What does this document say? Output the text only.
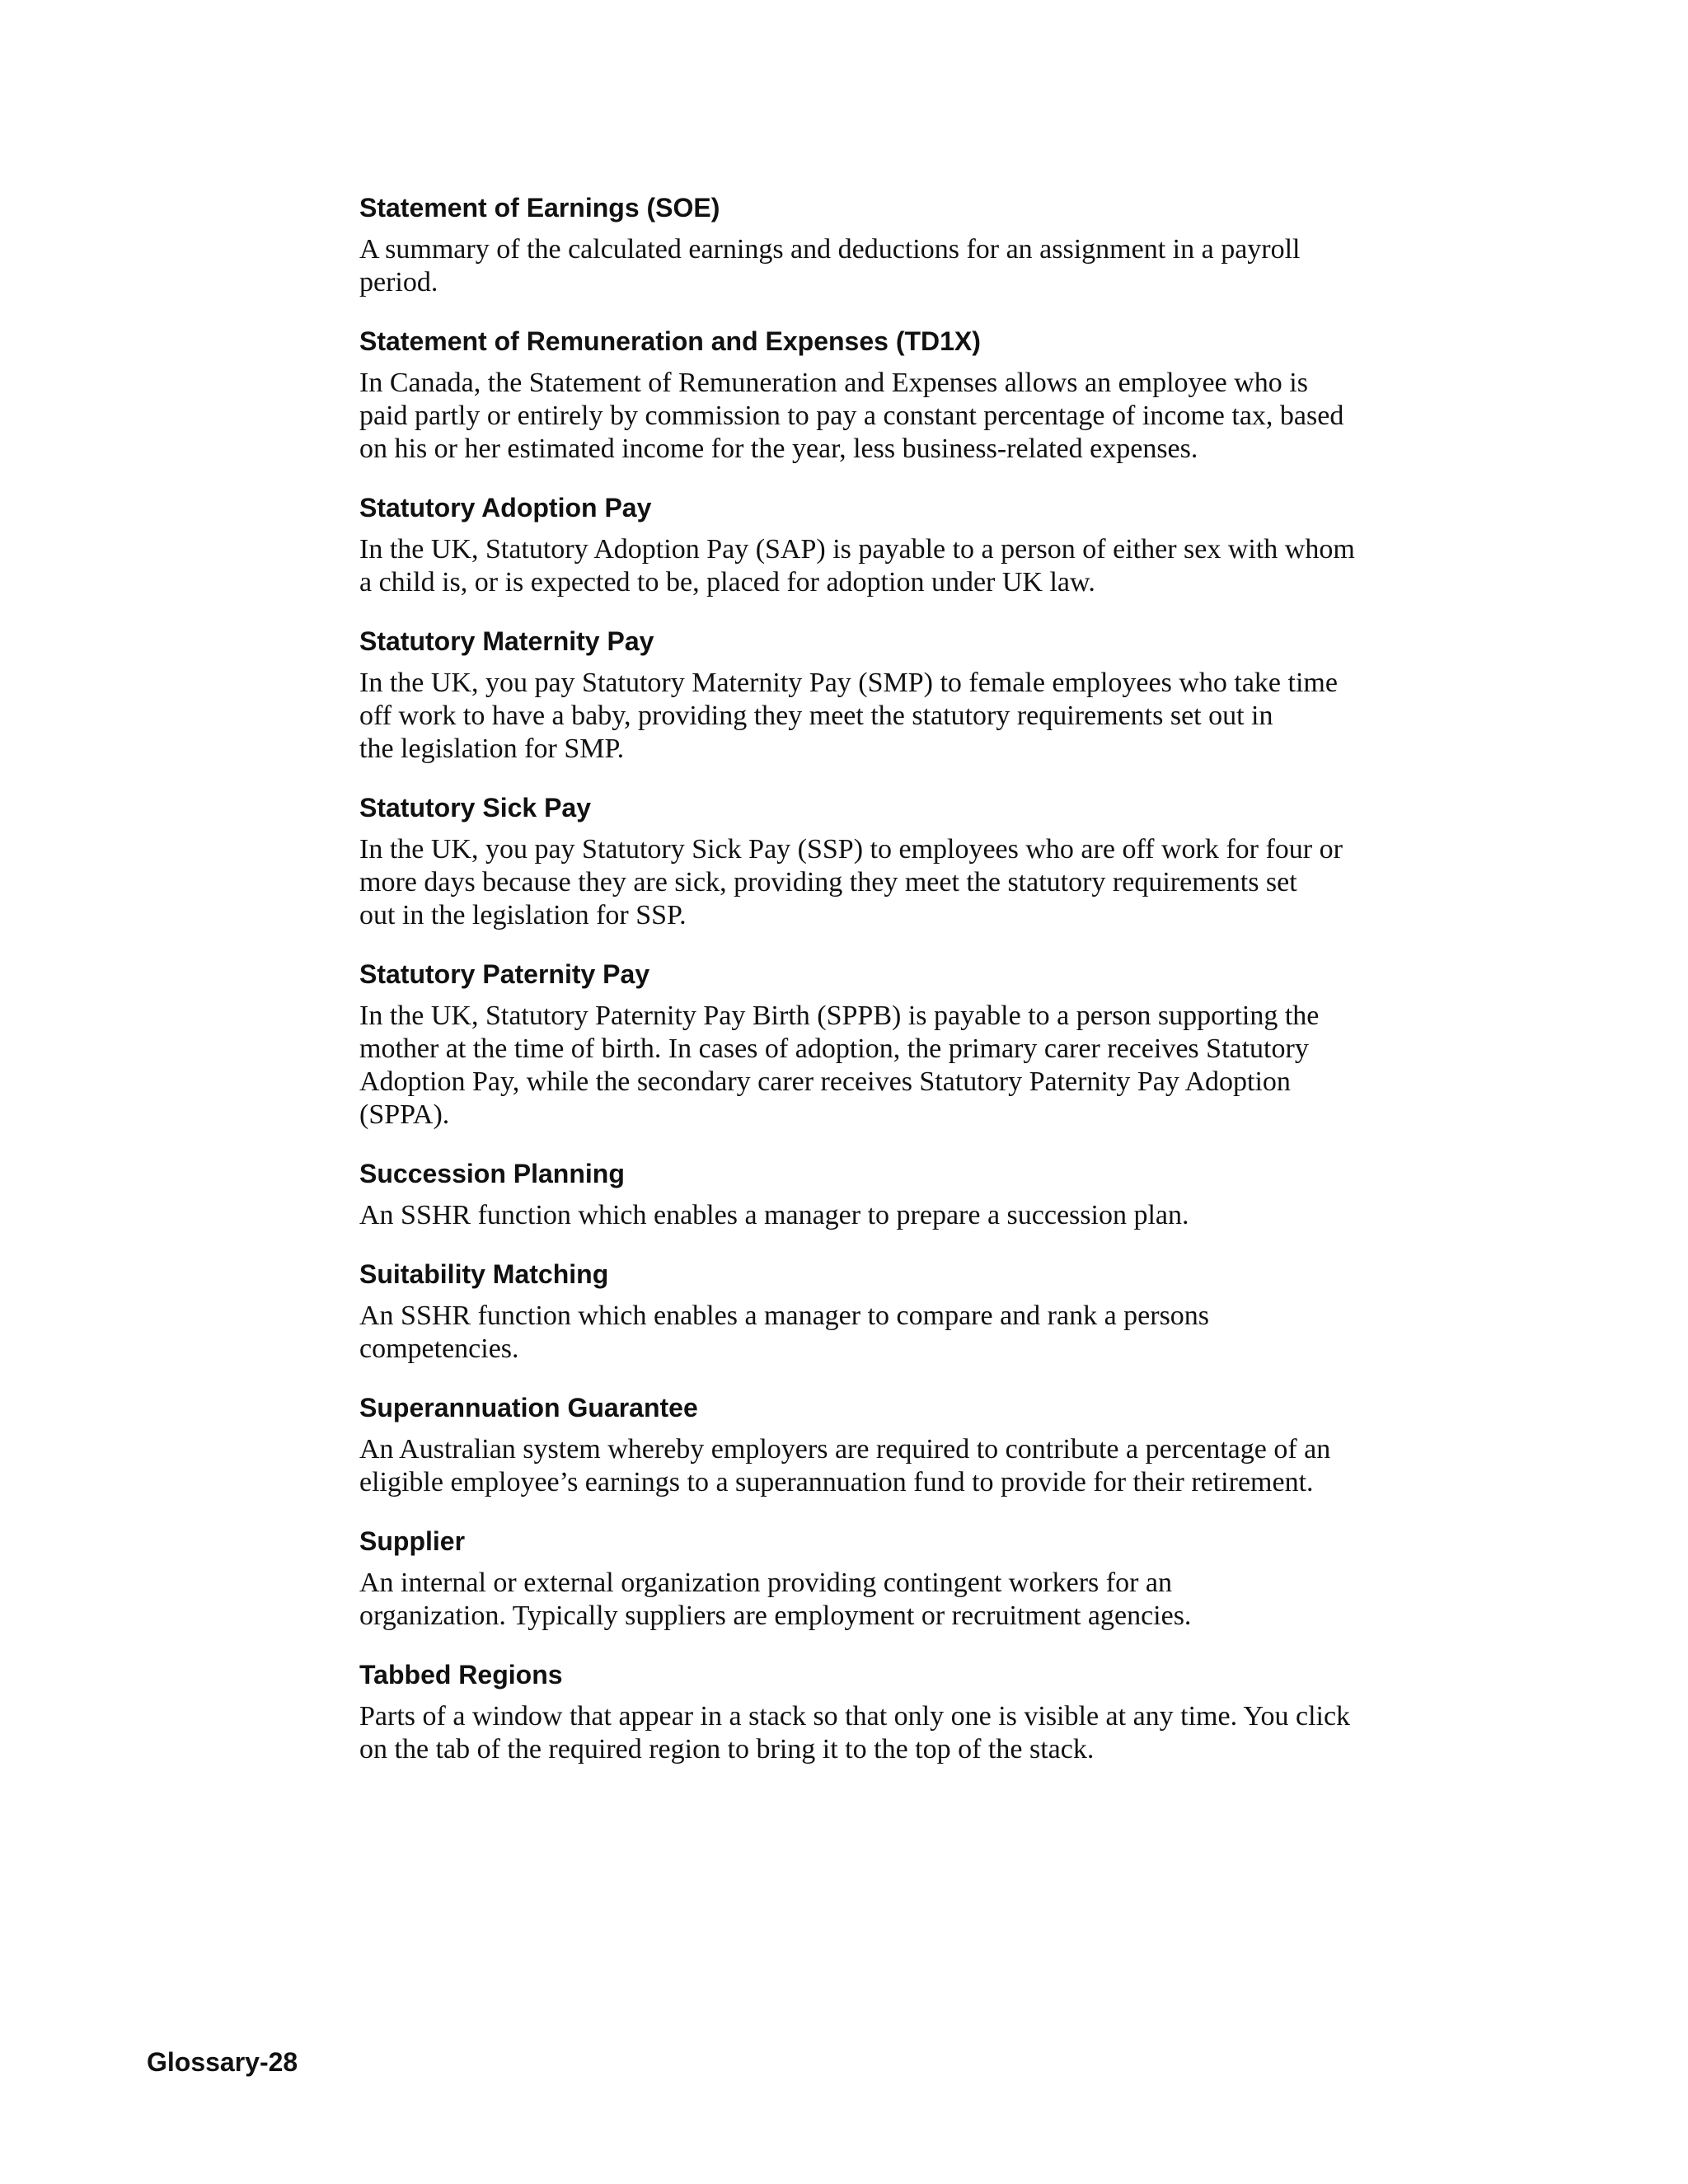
Statement of Earnings (SOE)

A summary of the calculated earnings and deductions for an assignment in a payroll
period.

Statement of Remuneration and Expenses (TD1X)

In Canada, the Statement of Remuneration and Expenses allows an employee who is
paid partly or entirely by commission to pay a constant percentage of income tax, based
on his or her estimated income for the year, less business-related expenses.

Statutory Adoption Pay

In the UK, Statutory Adoption Pay (SAP) is payable to a person of either sex with whom
a child is, or is expected to be, placed for adoption under UK law.

Statutory Maternity Pay

In the UK, you pay Statutory Maternity Pay (SMP) to female employees who take time
off work to have a baby, providing they meet the statutory requirements set out in
the legislation for SMP.

Statutory Sick Pay

In the UK, you pay Statutory Sick Pay (SSP) to employees who are off work for four or
more days because they are sick, providing they meet the statutory requirements set
out in the legislation for SSP.

Statutory Paternity Pay

In the UK, Statutory Paternity Pay Birth (SPPB) is payable to a person supporting the
mother at the time of birth. In cases of adoption, the primary carer receives Statutory
Adoption Pay, while the secondary carer receives Statutory Paternity Pay Adoption
(SPPA).

Succession Planning

An SSHR function which enables a manager to prepare a succession plan.

Suitability Matching

An SSHR function which enables a manager to compare and rank a persons
competencies.

Superannuation Guarantee

An Australian system whereby employers are required to contribute a percentage of an
eligible employee’s earnings to a superannuation fund to provide for their retirement.

Supplier

An internal or external organization providing contingent workers for an
organization. Typically suppliers are employment or recruitment agencies.

Tabbed Regions

Parts of a window that appear in a stack so that only one is visible at any time. You click
on the tab of the required region to bring it to the top of the stack.

Glossary-28
